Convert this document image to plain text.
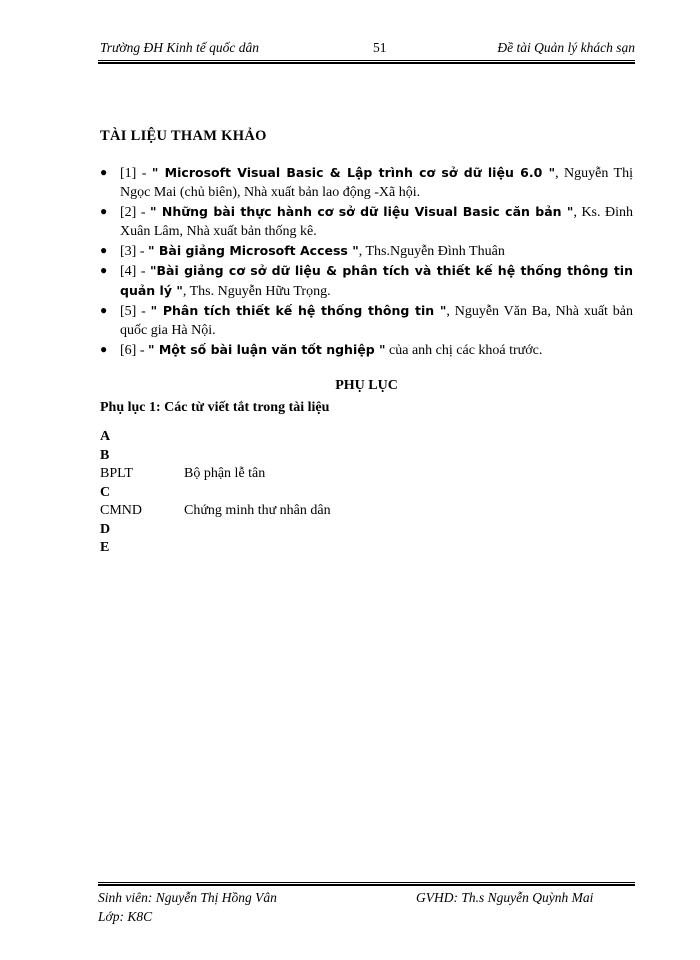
Trường ĐH Kinh tế quốc dân	51	Đề tài Quản lý khách sạn
TÀI LIỆU THAM KHẢO
● [1] - " Microsoft Visual Basic & Lập trình cơ sở dữ liệu 6.0 ", Nguyễn Thị Ngọc Mai (chủ biên), Nhà xuất bản lao động -Xã hội.
● [2] - " Những bài thực hành cơ sở dữ liệu Visual Basic căn bản ", Ks. Đinh Xuân Lâm, Nhà xuất bản thống kê.
● [3] - " Bài giảng Microsoft Access ", Ths.Nguyễn Đình Thuân
● [4] - "Bài giảng cơ sở dữ liệu & phân tích và thiết kế hệ thống thông tin quản lý ", Ths. Nguyễn Hữu Trọng.
● [5] - " Phân tích thiết kế hệ thống thông tin ", Nguyễn Văn Ba, Nhà xuất bản quốc gia Hà Nội.
● [6] - " Một số bài luận văn tốt nghiệp " của anh chị các khoá trước.
PHỤ LỤC
Phụ lục 1: Các từ viết tắt trong tài liệu
A
B
BPLT	Bộ phận lễ tân
C
CMND	Chứng minh thư nhân dân
D
E
Sinh viên: Nguyễn Thị Hồng Vân	GVHD: Th.s Nguyễn Quỳnh Mai
Lớp: K8C
